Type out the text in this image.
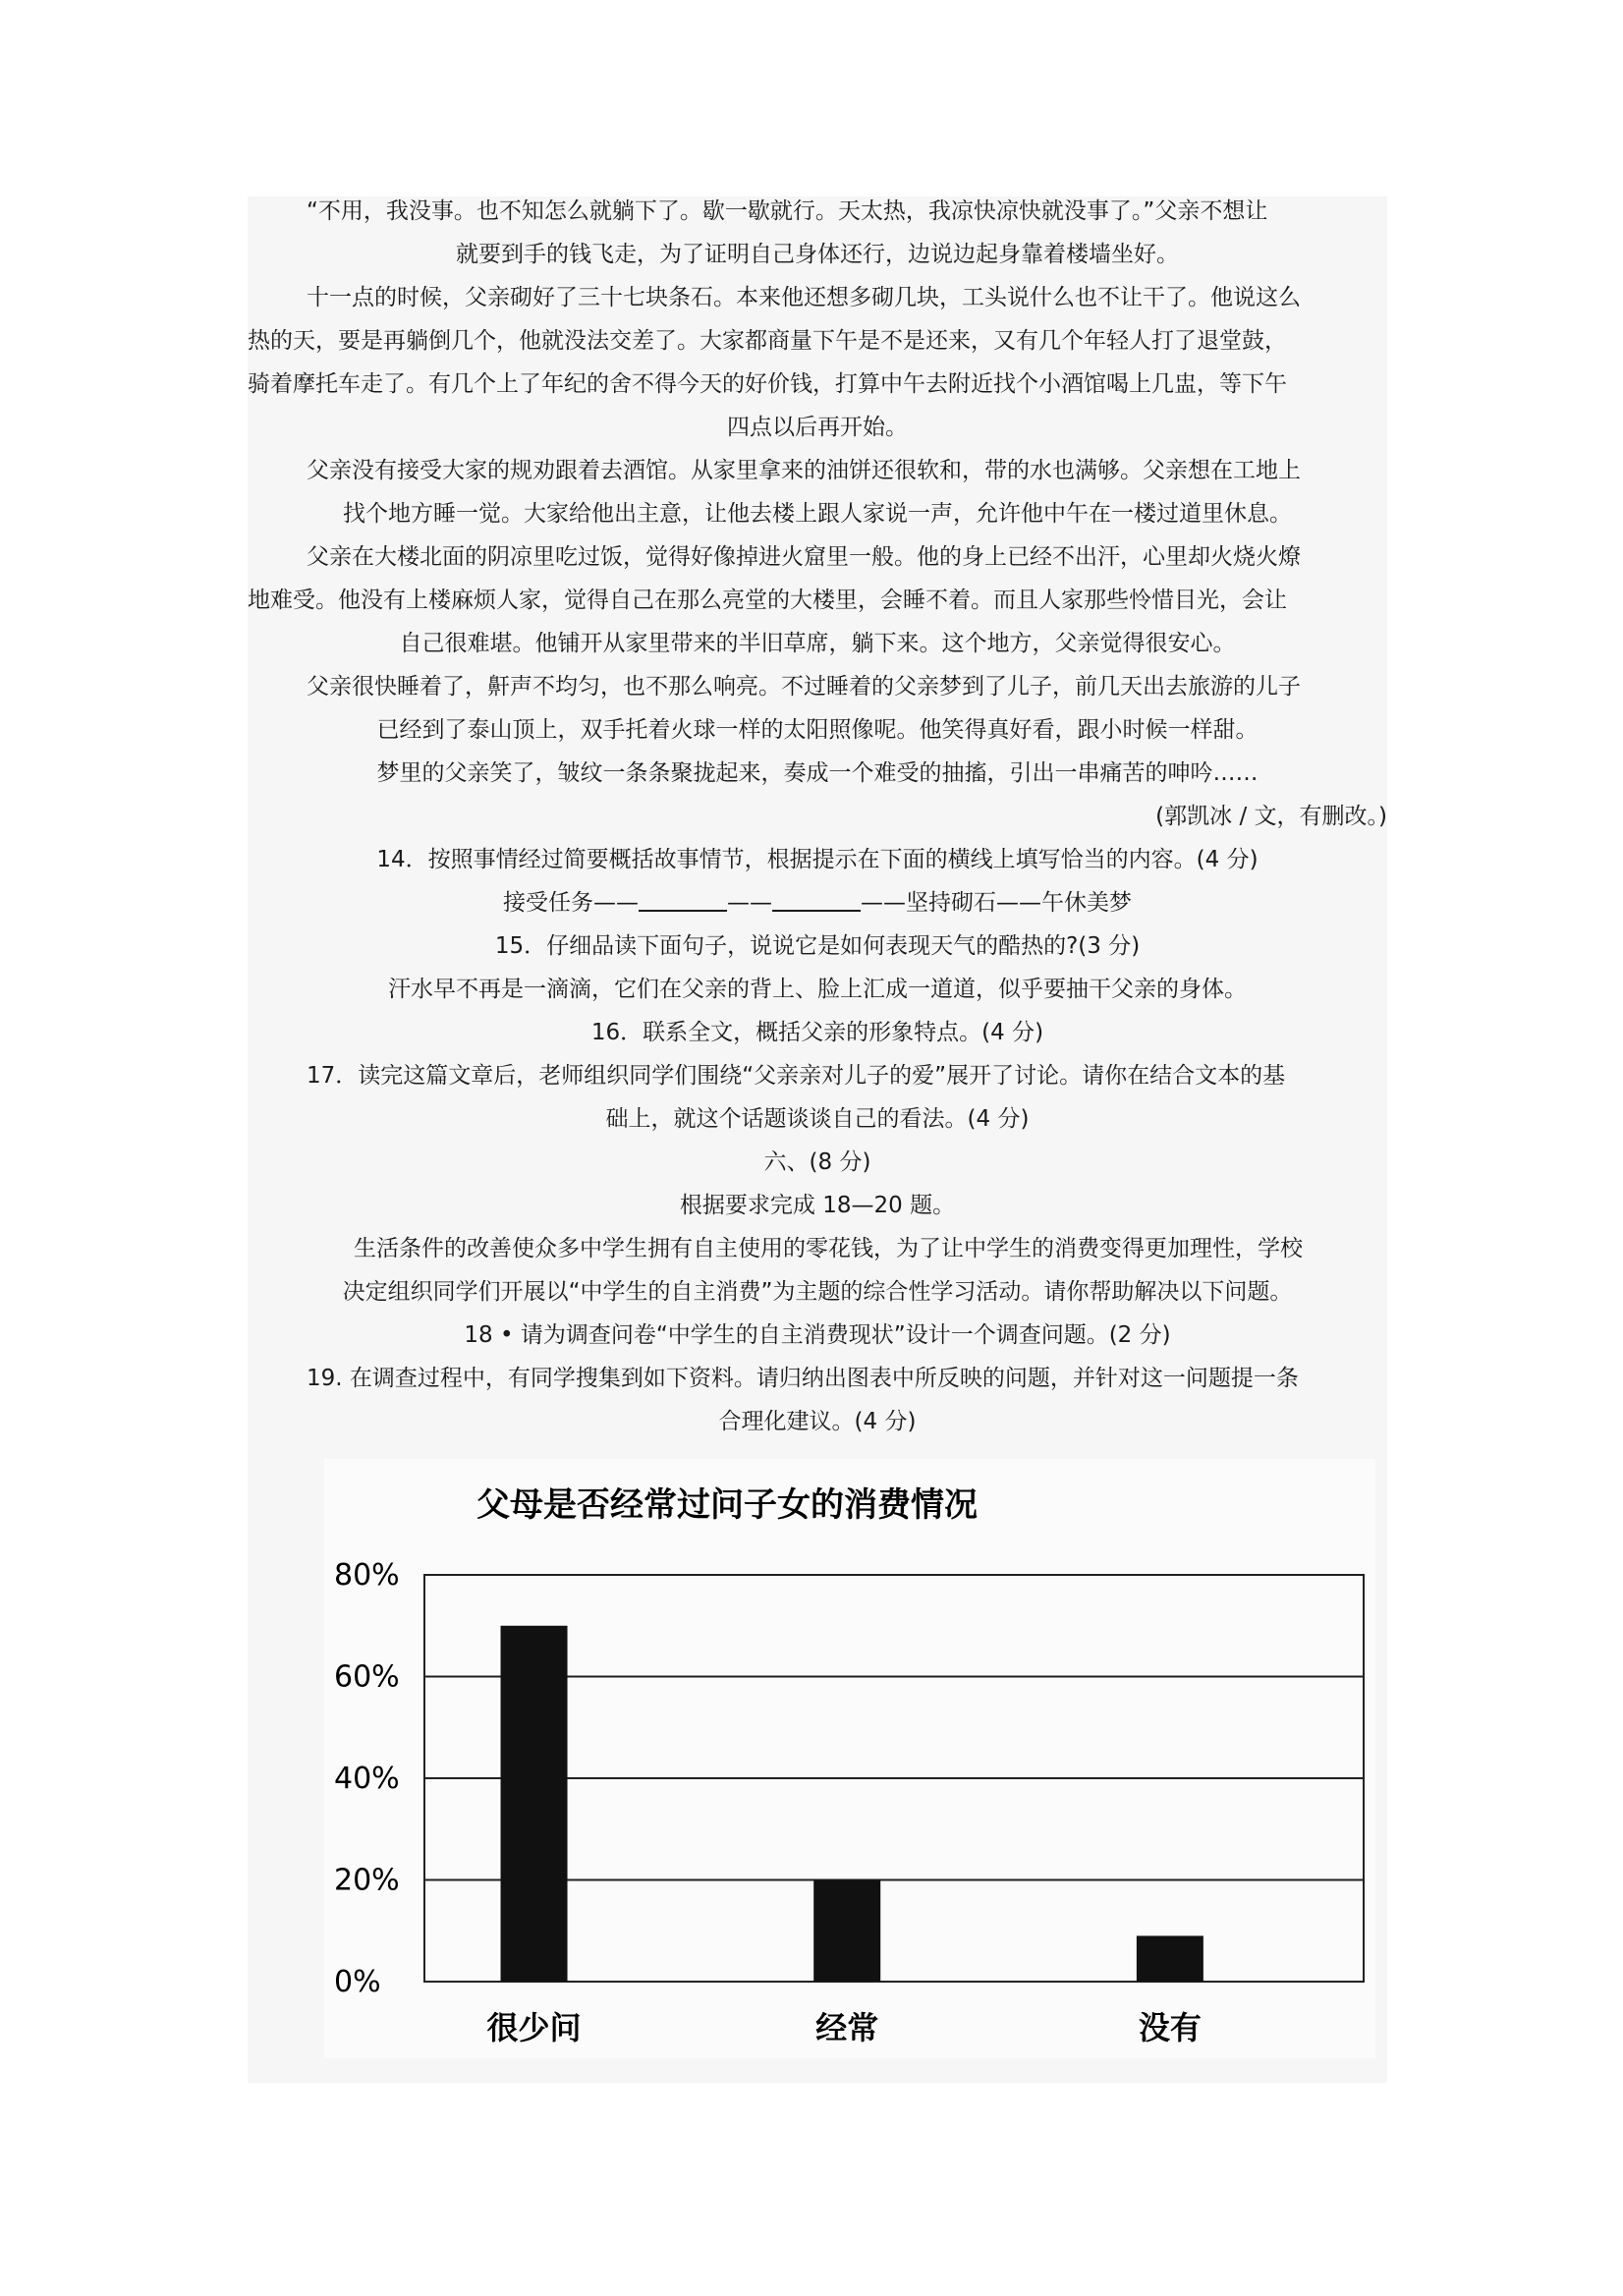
“不用，我没事。也不知怎么就躺下了。歇一歇就行。天太热，我凉快凉快就没事了。”父亲不想让
就要到手的钱飞走，为了证明自己身体还行，边说边起身靠着楼墙坐好。
十一点的时候，父亲砌好了三十七块条石。本来他还想多砌几块，工头说什么也不让干了。他说这么
热的天，要是再躺倒几个，他就没法交差了。大家都商量下午是不是还来，又有几个年轻人打了退堂鼓，
骑着摩托车走了。有几个上了年纪的舍不得今天的好价钱，打算中午去附近找个小酒馆喝上几盅，等下午
四点以后再开始。
父亲没有接受大家的规劝跟着去酒馆。从家里拿来的油饼还很软和，带的水也满够。父亲想在工地上
找个地方睡一觉。大家给他出主意，让他去楼上跟人家说一声，允许他中午在一楼过道里休息。
父亲在大楼北面的阴凉里吃过饭，觉得好像掉进火窟里一般。他的身上已经不出汗，心里却火烧火燎
地难受。他没有上楼麻烦人家，觉得自己在那么亮堂的大楼里，会睡不着。而且人家那些怜惜目光，会让
自己很难堪。他铺开从家里带来的半旧草席，躺下来。这个地方，父亲觉得很安心。
父亲很快睡着了，鼾声不均匀，也不那么响亮。不过睡着的父亲梦到了儿子，前几天出去旅游的儿子
已经到了泰山顶上，双手托着火球一样的太阳照像呢。他笑得真好看，跟小时候一样甜。
梦里的父亲笑了，皱纹一条条聚拢起来，奏成一个难受的抽搐，引出一串痛苦的呻吟……
(郭凯冰 / 文，有删改。)
14．按照事情经过简要概括故事情节，根据提示在下面的横线上填写恰当的内容。(4 分)
接受任务——	——	——坚持砌石——午休美梦
15．仔细品读下面句子，说说它是如何表现天气的酷热的?(3 分)
汗水早不再是一滴滴，它们在父亲的背上、脸上汇成一道道，似乎要抽干父亲的身体。
16．联系全文，概括父亲的形象特点。(4 分)
17．读完这篇文章后，老师组织同学们围绕“父亲亲对儿子的爱”展开了讨论。请你在结合文本的基
础上，就这个话题谈谈自己的看法。(4 分)
六、(8 分)
根据要求完成 18—20 题。
生活条件的改善使众多中学生拥有自主使用的零花钱，为了让中学生的消费变得更加理性，学校
决定组织同学们开展以“中学生的自主消费”为主题的综合性学习活动。请你帮助解决以下问题。
18 • 请为调查问卷“中学生的自主消费现状”设计一个调查问题。(2 分)
19. 在调查过程中，有同学搜集到如下资料。请归纳出图表中所反映的问题，并针对这一问题提一条
合理化建议。(4 分)
父母是否经常过问子女的消费情况
0%
20%
40%
60%
80%
很少问	经常	没有
